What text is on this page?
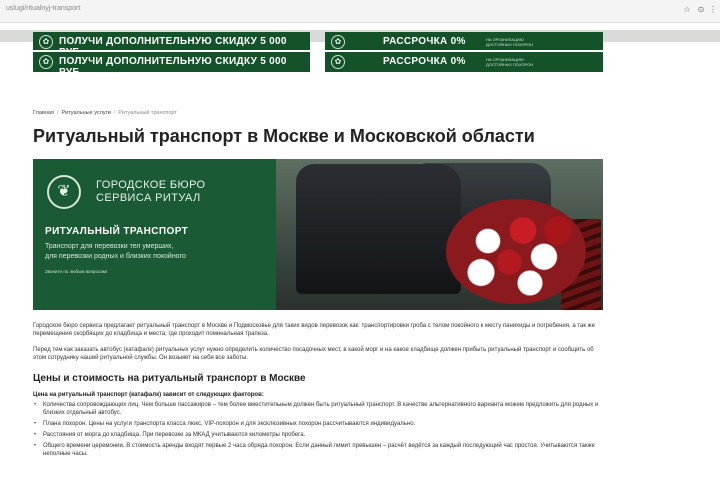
uslugi/ritualnyj-transport	☆ ⊙ ⋮
✿ ПОЛУЧИ ДОПОЛНИТЕЛЬНУЮ СКИДКУ 5 000
✿ ПОЛУЧИ ДОПОЛНИТЕЛЬНУЮ СКИДКУ 5 000 РУБ.
✿	РАССРОЧКА 0%	НА ОРГАНИЗАЦИЮ ДОСТОЙНЫХ ПОХОРОН
✿	РАССРОЧКА 0%	НА ОРГАНИЗАЦИЮ ДОСТОЙНЫХ ПОХОРОН
Главная / Ритуальные услуги / Ритуальный транспорт
Ритуальный транспорт в Москве и Московской области
❦	ГОРОДСКОЕ БЮРО
СЕРВИСА РИТУАЛ
РИТУАЛЬНЫЙ ТРАНСПОРТ
Транспорт для перевозки тел умерших,
для перевозки родных и близких покойного
Звоните по любым вопросам!

Городское бюро сервиса предлагает ритуальный транспорт в Москве и Подмосковье для таких видов перевозок как: транспортировки гроба с телом покойного к месту панихиды и погребения, а так же перемещения скорбящих до кладбища и места, где проходит поминальная трапеза.

Перед тем как заказать автобус (катафалк) ритуальных услуг нужно определить количество посадочных мест, в какой морг и на какое кладбище должен прибыть ритуальный транспорт и сообщить об этом сотруднику нашей ритуальной службы. Он возьмет на себя все заботы.

Цены и стоимость на ритуальный транспорт в Москве
Цена на ритуальный транспорт (катафалк) зависит от следующих факторов:
• Количества сопровождающих лиц. Чем больше пассажиров – тем более вместительным должен быть ритуальный транспорт. В качестве альтернативного варианта можем предложить для родных и близких отдельный автобус.
• Плана похорон. Цены на услуги транспорта класса люкс, VIP-похорон и для эксклюзивных похорон рассчитываются индивидуально.
• Расстояния от морга до кладбища. При перевозке за МКАД учитываются километры пробега.
• Общего времени церемонии. В стоимость аренды входят первые 2 часа обряда похорон. Если данный лимит превышен – расчёт ведётся за каждый последующий час простоя. Учитываются также неполные часы.
